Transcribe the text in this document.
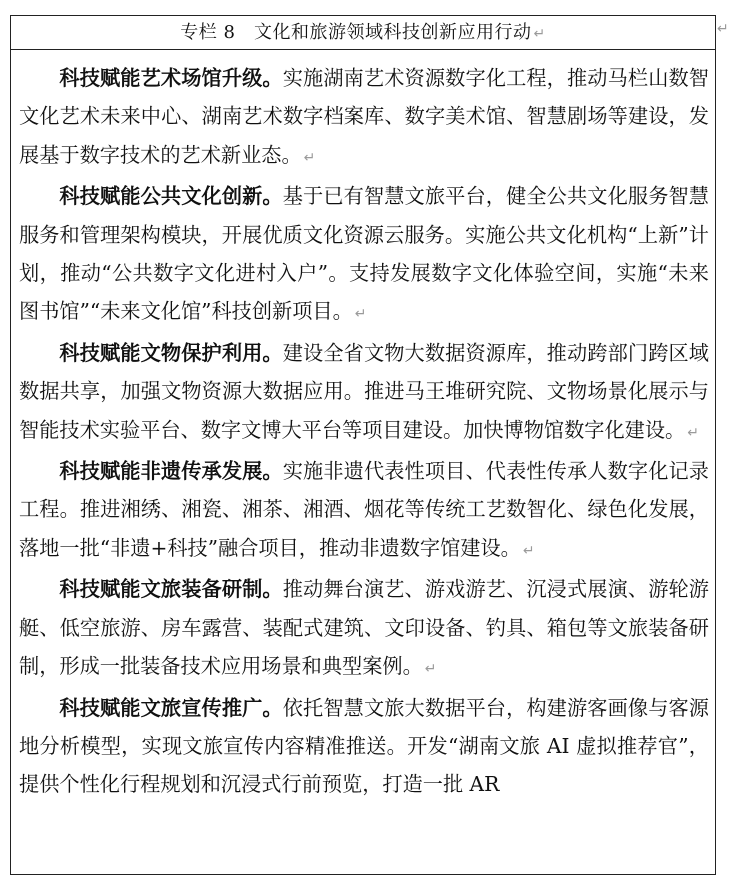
专栏 8　文化和旅游领域科技创新应用行动 ↵

科技赋能艺术场馆升级。实施湖南艺术资源数字化工程，推动马栏山数智文化艺术未来中心、湖南艺术数字档案库、数字美术馆、智慧剧场等建设，发展基于数字技术的艺术新业态。 ↵

科技赋能公共文化创新。基于已有智慧文旅平台，健全公共文化服务智慧服务和管理架构模块，开展优质文化资源云服务。实施公共文化机构“上新”计划，推动“公共数字文化进村入户”。支持发展数字文化体验空间，实施“未来图书馆”“未来文化馆”科技创新项目。 ↵

科技赋能文物保护利用。建设全省文物大数据资源库，推动跨部门跨区域数据共享，加强文物资源大数据应用。推进马王堆研究院、文物场景化展示与智能技术实验平台、数字文博大平台等项目建设。加快博物馆数字化建设。 ↵

科技赋能非遗传承发展。实施非遗代表性项目、代表性传承人数字化记录工程。推进湘绣、湘瓷、湘茶、湘酒、烟花等传统工艺数智化、绿色化发展，落地一批“非遗+科技”融合项目，推动非遗数字馆建设。 ↵

科技赋能文旅装备研制。推动舞台演艺、游戏游艺、沉浸式展演、游轮游艇、低空旅游、房车露营、装配式建筑、文印设备、钓具、箱包等文旅装备研制，形成一批装备技术应用场景和典型案例。 ↵

科技赋能文旅宣传推广。依托智慧文旅大数据平台，构建游客画像与客源地分析模型，实现文旅宣传内容精准推送。开发“湖南文旅 AI 虚拟推荐官”，提供个性化行程规划和沉浸式行前预览，打造一批 AR

↵
